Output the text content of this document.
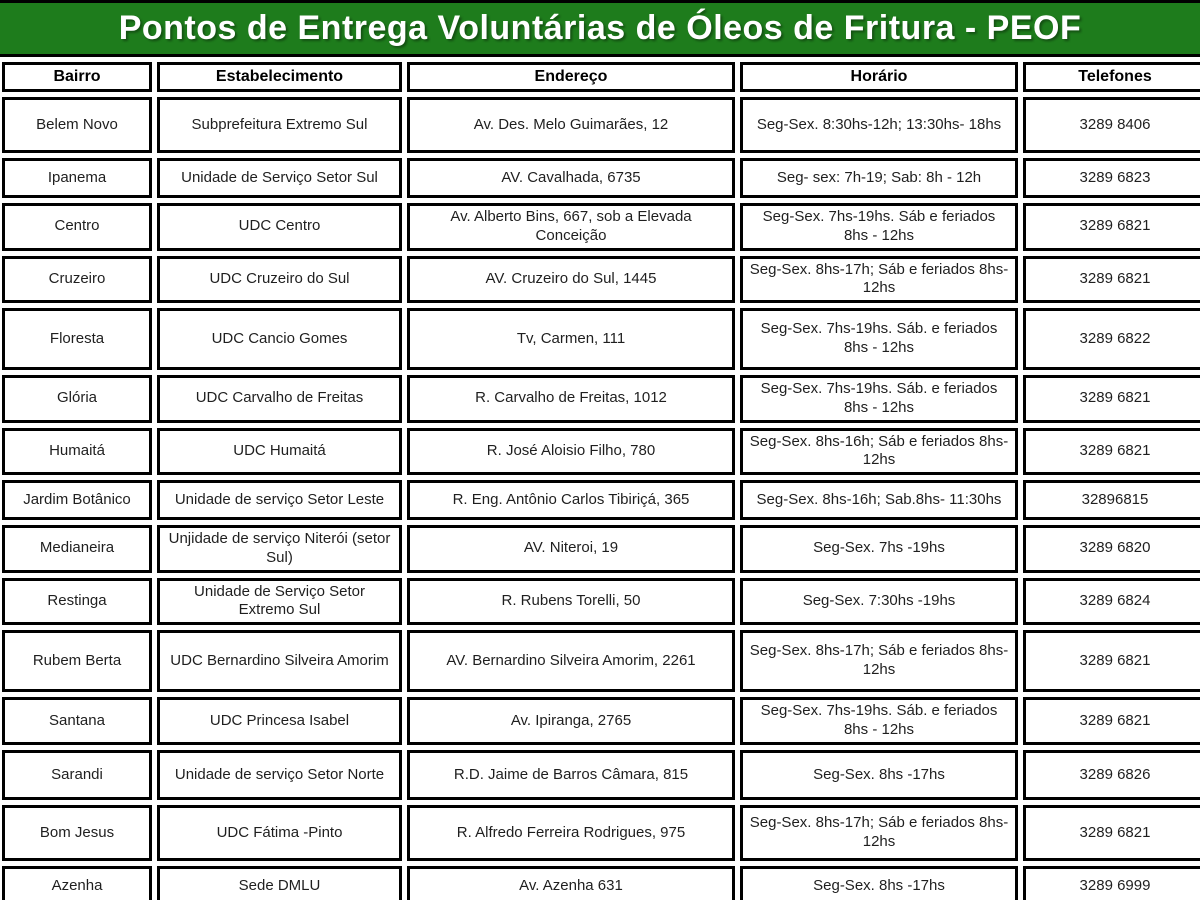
Pontos de Entrega Voluntárias de Óleos de Fritura - PEOF
Bairro	Estabelecimento	Endereço	Horário	Telefones
Belem Novo	Subprefeitura Extremo Sul	Av. Des. Melo Guimarães, 12	Seg-Sex. 8:30hs-12h; 13:30hs- 18hs	3289 8406
Ipanema	Unidade de Serviço Setor Sul	AV. Cavalhada, 6735	Seg- sex: 7h-19; Sab: 8h - 12h	3289 6823
Centro	UDC Centro	Av. Alberto Bins, 667, sob a Elevada Conceição	Seg-Sex. 7hs-19hs. Sáb e feriados 8hs - 12hs	3289 6821
Cruzeiro	UDC Cruzeiro do Sul	AV. Cruzeiro do Sul, 1445	Seg-Sex. 8hs-17h; Sáb e feriados 8hs- 12hs	3289 6821
Floresta	UDC Cancio Gomes	Tv, Carmen, 111	Seg-Sex. 7hs-19hs. Sáb. e feriados 8hs - 12hs	3289 6822
Glória	UDC Carvalho de Freitas	R. Carvalho de Freitas, 1012	Seg-Sex. 7hs-19hs. Sáb. e feriados 8hs - 12hs	3289 6821
Humaitá	UDC Humaitá	R. José Aloisio Filho, 780	Seg-Sex. 8hs-16h; Sáb e feriados 8hs- 12hs	3289 6821
Jardim Botânico	Unidade de serviço Setor Leste	R. Eng. Antônio Carlos Tibiriçá, 365	Seg-Sex. 8hs-16h; Sab.8hs- 11:30hs	32896815
Medianeira	Unjidade de serviço Niterói (setor Sul)	AV. Niteroi, 19	Seg-Sex. 7hs -19hs	3289 6820
Restinga	Unidade de Serviço Setor Extremo Sul	R. Rubens Torelli, 50	Seg-Sex. 7:30hs -19hs	3289 6824
Rubem Berta	UDC Bernardino Silveira Amorim	AV. Bernardino Silveira Amorim, 2261	Seg-Sex. 8hs-17h; Sáb e feriados 8hs- 12hs	3289 6821
Santana	UDC Princesa Isabel	Av. Ipiranga, 2765	Seg-Sex. 7hs-19hs. Sáb. e feriados 8hs - 12hs	3289 6821
Sarandi	Unidade de serviço Setor Norte	R.D. Jaime de Barros Câmara, 815	Seg-Sex. 8hs -17hs	3289 6826
Bom Jesus	UDC Fátima -Pinto	R. Alfredo Ferreira Rodrigues, 975	Seg-Sex. 8hs-17h; Sáb e feriados 8hs- 12hs	3289 6821
Azenha	Sede DMLU	Av. Azenha 631	Seg-Sex. 8hs -17hs	3289 6999
